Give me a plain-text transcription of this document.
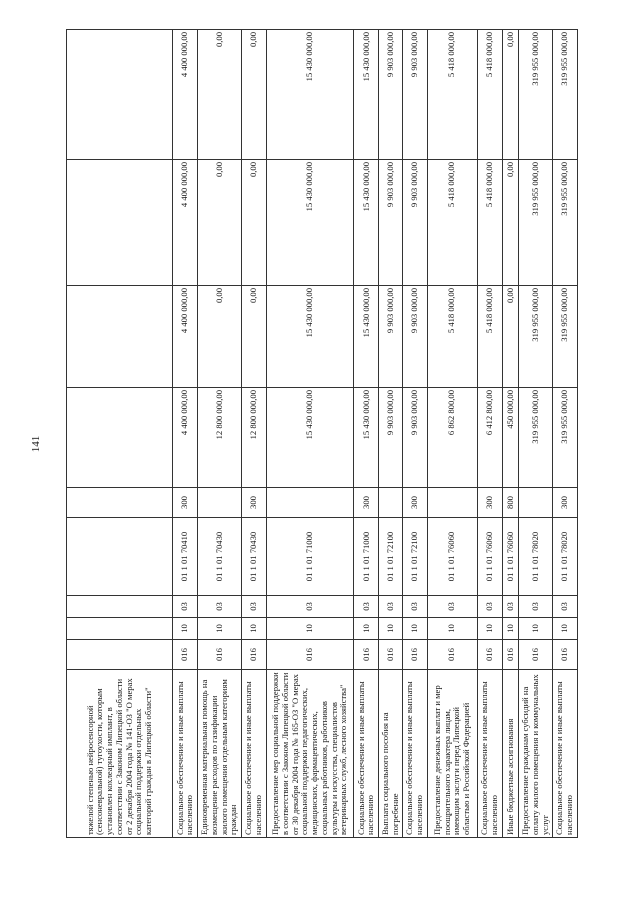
141
тяжелой степенью нейросенсорной (сенсоневральной) тугоухости, которым установлен кохлеарный имплант, в соответствии с Законом Липецкой области от 2 декабря 2004 года № 141-ОЗ "О мерах социальной поддержки отдельных категорий граждан в Липецкой области"									
Социальное обеспечение и иные выплаты населению	016	10	03	01 1 01 70410	300	4 400 000,00	4 400 000,00	4 400 000,00	4 400 000,00
Единовременная материальная помощь на возмещение расходов по газификации жилого помещения отдельным категориям граждан	016	10	03	01 1 01 70430		12 800 000,00	0,00	0,00	0,00
Социальное обеспечение и иные выплаты населению	016	10	03	01 1 01 70430	300	12 800 000,00	0,00	0,00	0,00
Предоставление мер социальной поддержки в соответствии с Законом Липецкой области от 30 декабря 2004 года № 165-ОЗ "О мерах социальной поддержки педагогических, медицинских, фармацевтических, социальных работников, работников культуры и искусства, специалистов ветеринарных служб, лесного хозяйства"	016	10	03	01 1 01 71000		15 430 000,00	15 430 000,00	15 430 000,00	15 430 000,00
Социальное обеспечение и иные выплаты населению	016	10	03	01 1 01 71000	300	15 430 000,00	15 430 000,00	15 430 000,00	15 430 000,00
Выплата социального пособия на погребение	016	10	03	01 1 01 72100		9 903 000,00	9 903 000,00	9 903 000,00	9 903 000,00
Социальное обеспечение и иные выплаты населению	016	10	03	01 1 01 72100	300	9 903 000,00	9 903 000,00	9 903 000,00	9 903 000,00
Предоставление денежных выплат и мер поощрительного характера лицам, имеющим заслуги перед Липецкой областью и Российской Федерацией	016	10	03	01 1 01 76060		6 862 800,00	5 418 000,00	5 418 000,00	5 418 000,00
Социальное обеспечение и иные выплаты населению	016	10	03	01 1 01 76060	300	6 412 800,00	5 418 000,00	5 418 000,00	5 418 000,00
Иные бюджетные ассигнования	016	10	03	01 1 01 76060	800	450 000,00	0,00	0,00	0,00
Предоставление гражданам субсидий на оплату жилого помещения и коммунальных услуг	016	10	03	01 1 01 78020		319 955 000,00	319 955 000,00	319 955 000,00	319 955 000,00
Социальное обеспечение и иные выплаты населению	016	10	03	01 1 01 78020	300	319 955 000,00	319 955 000,00	319 955 000,00	319 955 000,00
